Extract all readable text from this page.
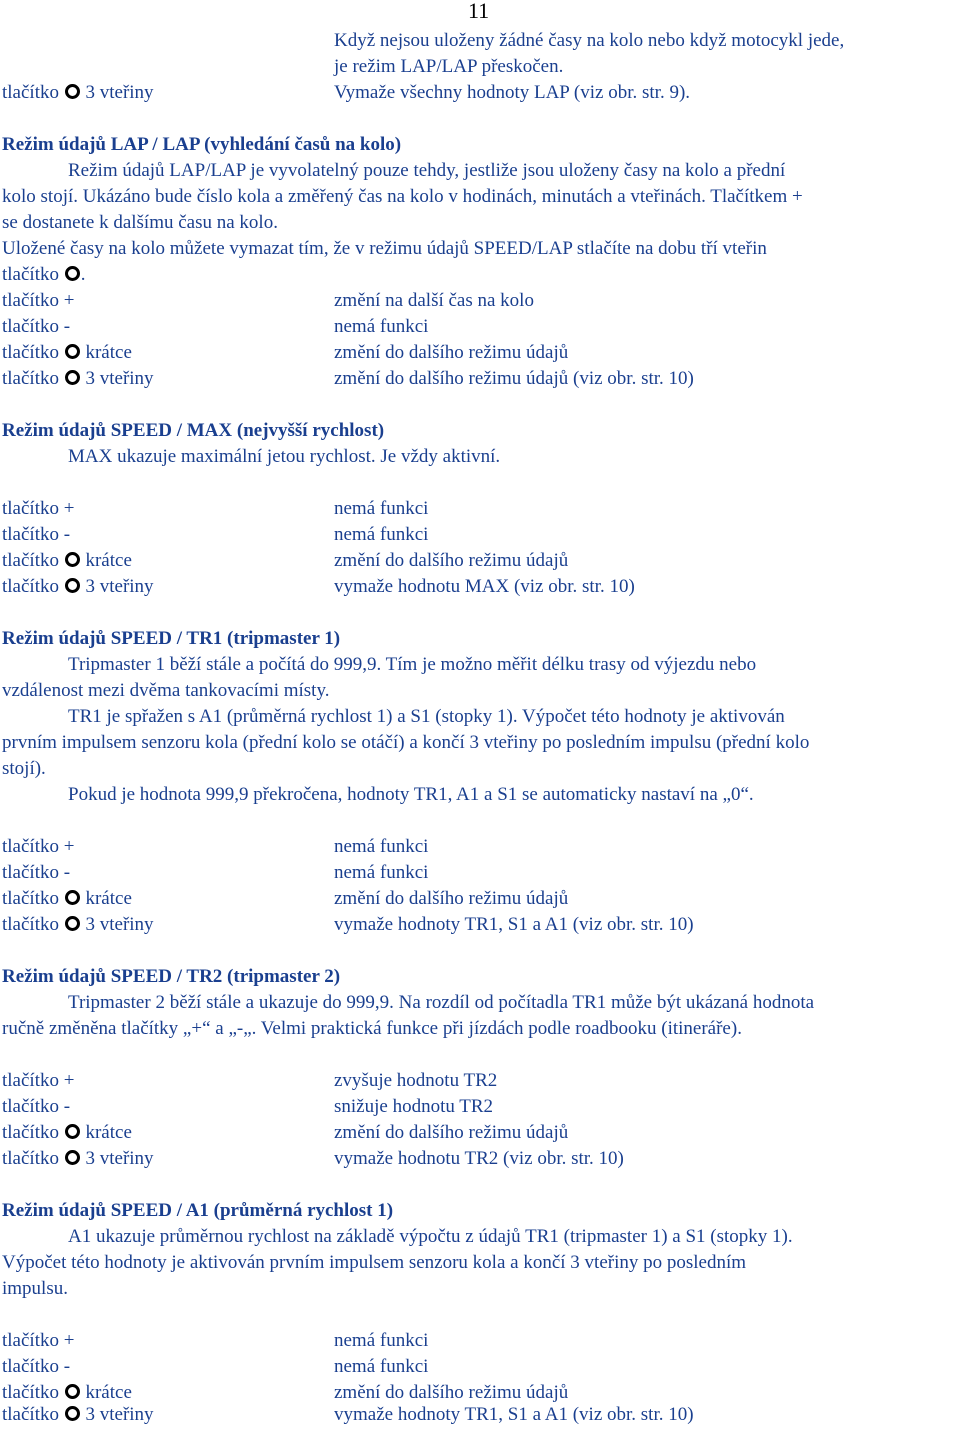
11
Když nejsou uloženy žádné časy na kolo nebo když motocykl jede,
je režim LAP/LAP přeskočen.
tlačítko 3 vteřiny	Vymaže všechny hodnoty LAP (viz obr. str. 9).
Režim údajů LAP / LAP (vyhledání časů na kolo)
Režim údajů LAP/LAP je vyvolatelný pouze tehdy, jestliže jsou uloženy časy na kolo a přední
kolo stojí. Ukázáno bude číslo kola a změřený čas na kolo v hodinách, minutách a vteřinách. Tlačítkem +
se dostanete k dalšímu času na kolo.
Uložené časy na kolo můžete vymazat tím, že v režimu údajů SPEED/LAP stlačíte na dobu tří vteřin
tlačítko .
tlačítko +	změní na další čas na kolo
tlačítko -	nemá funkci
tlačítko krátce	změní do dalšího režimu údajů
tlačítko 3 vteřiny	změní do dalšího režimu údajů (viz obr. str. 10)
Režim údajů SPEED / MAX (nejvyšší rychlost)
MAX ukazuje maximální jetou rychlost. Je vždy aktivní.
tlačítko +	nemá funkci
tlačítko -	nemá funkci
tlačítko krátce	změní do dalšího režimu údajů
tlačítko 3 vteřiny	vymaže hodnotu MAX (viz obr. str. 10)
Režim údajů SPEED / TR1 (tripmaster 1)
Tripmaster 1 běží stále a počítá do 999,9. Tím je možno měřit délku trasy od výjezdu nebo
vzdálenost mezi dvěma tankovacími místy.
TR1 je spřažen s A1 (průměrná rychlost 1) a S1 (stopky 1). Výpočet této hodnoty je aktivován
prvním impulsem senzoru kola (přední kolo se otáčí) a končí 3 vteřiny po posledním impulsu (přední kolo
stojí).
Pokud je hodnota 999,9 překročena, hodnoty TR1, A1 a S1 se automaticky nastaví na „0“.
tlačítko +	nemá funkci
tlačítko -	nemá funkci
tlačítko krátce	změní do dalšího režimu údajů
tlačítko 3 vteřiny	vymaže hodnoty TR1, S1 a A1 (viz obr. str. 10)
Režim údajů SPEED / TR2 (tripmaster 2)
Tripmaster 2 běží stále a ukazuje do 999,9. Na rozdíl od počítadla TR1 může být ukázaná hodnota
ručně změněna tlačítky „+“ a „-„. Velmi praktická funkce při jízdách podle roadbooku (itineráře).
tlačítko +	zvyšuje hodnotu TR2
tlačítko -	snižuje hodnotu TR2
tlačítko krátce	změní do dalšího režimu údajů
tlačítko 3 vteřiny	vymaže hodnotu TR2 (viz obr. str. 10)
Režim údajů SPEED / A1 (průměrná rychlost 1)
A1 ukazuje průměrnou rychlost na základě výpočtu z údajů TR1 (tripmaster 1) a S1 (stopky 1).
Výpočet této hodnoty je aktivován prvním impulsem senzoru kola a končí 3 vteřiny po posledním
impulsu.
tlačítko +	nemá funkci
tlačítko -	nemá funkci
tlačítko krátce	změní do dalšího režimu údajů
tlačítko 3 vteřiny	vymaže hodnoty TR1, S1 a A1 (viz obr. str. 10)
